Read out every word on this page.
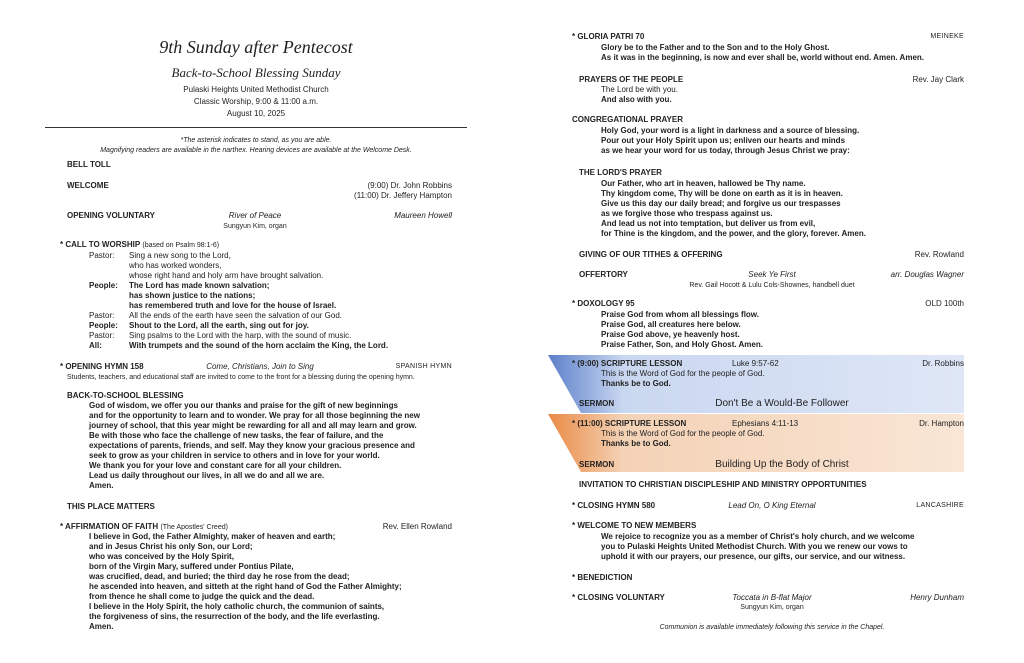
9th Sunday after Pentecost
Back-to-School Blessing Sunday
Pulaski Heights United Methodist Church
Classic Worship, 9:00 & 11:00 a.m.
August 10, 2025
*The asterisk indicates to stand, as you are able.
Magnifying readers are available in the narthex. Hearing devices are available at the Welcome Desk.
BELL TOLL
WELCOME	(9:00) Dr. John Robbins
(11:00) Dr. Jeffery Hampton
OPENING VOLUNTARY	River of Peace	Maureen Howell
Sungyun Kim, organ
* CALL TO WORSHIP (based on Psalm 98:1-6)
Pastor: Sing a new song to the Lord,
who has worked wonders,
whose right hand and holy arm have brought salvation.
People: The Lord has made known salvation;
has shown justice to the nations;
has remembered truth and love for the house of Israel.
Pastor: All the ends of the earth have seen the salvation of our God.
People: Shout to the Lord, all the earth, sing out for joy.
Pastor: Sing psalms to the Lord with the harp, with the sound of music.
All:	With trumpets and the sound of the horn acclaim the King, the Lord.
* OPENING HYMN 158	Come, Christians, Join to Sing	SPANISH HYMN
Students, teachers, and educational staff are invited to come to the front for a blessing during the opening hymn.
BACK-TO-SCHOOL BLESSING
God of wisdom, we offer you our thanks and praise for the gift of new beginnings
and for the opportunity to learn and to wonder. We pray for all those beginning the new
journey of school, that this year might be rewarding for all and all may learn and grow.
Be with those who face the challenge of new tasks, the fear of failure, and the
expectations of parents, friends, and self. May they know your gracious presence and
seek to grow as your children in service to others and in love for your world.
We thank you for your love and constant care for all your children.
Lead us daily throughout our lives, in all we do and all we are.
Amen.
THIS PLACE MATTERS
* AFFIRMATION OF FAITH (The Apostles' Creed)	Rev. Ellen Rowland
I believe in God, the Father Almighty, maker of heaven and earth;
and in Jesus Christ his only Son, our Lord;
who was conceived by the Holy Spirit,
born of the Virgin Mary, suffered under Pontius Pilate,
was crucified, dead, and buried; the third day he rose from the dead;
he ascended into heaven, and sitteth at the right hand of God the Father Almighty;
from thence he shall come to judge the quick and the dead.
I believe in the Holy Spirit, the holy catholic church, the communion of saints,
the forgiveness of sins, the resurrection of the body, and the life everlasting.
Amen.
* GLORIA PATRI 70	MEINEKE
Glory be to the Father and to the Son and to the Holy Ghost.
As it was in the beginning, is now and ever shall be, world without end. Amen. Amen.
PRAYERS OF THE PEOPLE	Rev. Jay Clark
The Lord be with you.
And also with you.
CONGREGATIONAL PRAYER
Holy God, your word is a light in darkness and a source of blessing.
Pour out your Holy Spirit upon us; enliven our hearts and minds
as we hear your word for us today, through Jesus Christ we pray:
THE LORD'S PRAYER
Our Father, who art in heaven, hallowed be Thy name.
Thy kingdom come, Thy will be done on earth as it is in heaven.
Give us this day our daily bread; and forgive us our trespasses
as we forgive those who trespass against us.
And lead us not into temptation, but deliver us from evil,
for Thine is the kingdom, and the power, and the glory, forever. Amen.
GIVING OF OUR TITHES & OFFERING	Rev. Rowland
OFFERTORY	Seek Ye First	arr. Douglas Wagner
Rev. Gail Hocott & Lulu Cols-Shownes, handbell duet
* DOXOLOGY 95	OLD 100th
Praise God from whom all blessings flow.
Praise God, all creatures here below.
Praise God above, ye heavenly host.
Praise Father, Son, and Holy Ghost. Amen.
* (9:00) SCRIPTURE LESSON	Luke 9:57-62	Dr. Robbins
This is the Word of God for the people of God.
Thanks be to God.
SERMON	Don't Be a Would-Be Follower
* (11:00) SCRIPTURE LESSON	Ephesians 4:11-13	Dr. Hampton
This is the Word of God for the people of God.
Thanks be to God.
SERMON	Building Up the Body of Christ
INVITATION TO CHRISTIAN DISCIPLESHIP AND MINISTRY OPPORTUNITIES
* CLOSING HYMN 580	Lead On, O King Eternal	LANCASHIRE
* WELCOME TO NEW MEMBERS
We rejoice to recognize you as a member of Christ's holy church, and we welcome
you to Pulaski Heights United Methodist Church. With you we renew our vows to
uphold it with our prayers, our presence, our gifts, our service, and our witness.
* BENEDICTION
* CLOSING VOLUNTARY	Toccata in B-flat Major	Henry Dunham
Sungyun Kim, organ
Communion is available immediately following this service in the Chapel.
